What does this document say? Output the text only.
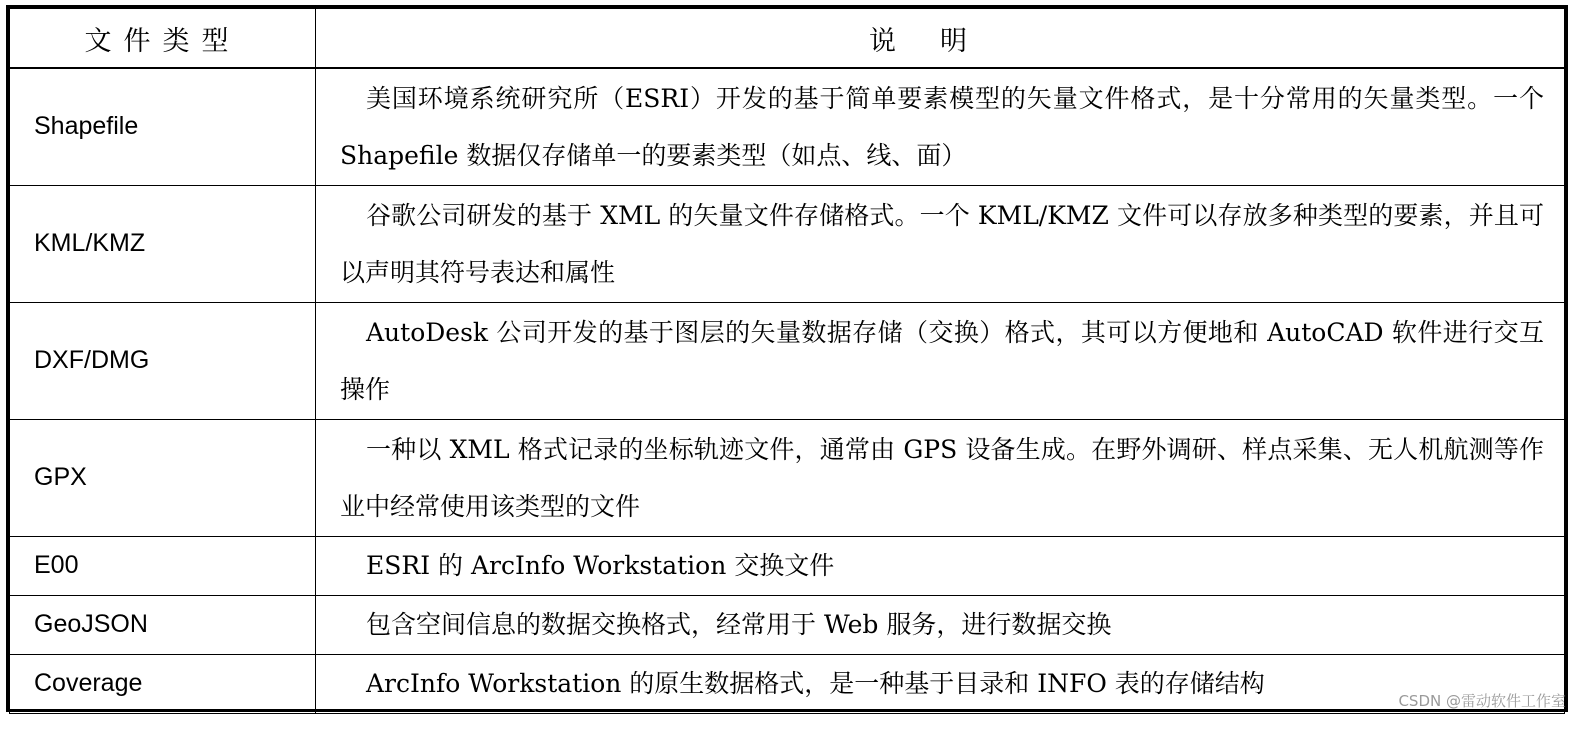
文件类型	说明
Shapefile	美国环境系统研究所（ESRI）开发的基于简单要素模型的矢量文件格式，是十分常用的矢量类型。一个 Shapefile 数据仅存储单一的要素类型（如点、线、面）

KML/KMZ	谷歌公司研发的基于 XML 的矢量文件存储格式。一个 KML/KMZ 文件可以存放多种类型的要素，并且可以声明其符号表达和属性

DXF/DMG	AutoDesk 公司开发的基于图层的矢量数据存储（交换）格式，其可以方便地和 AutoCAD 软件进行交互操作

GPX	一种以 XML 格式记录的坐标轨迹文件，通常由 GPS 设备生成。在野外调研、样点采集、无人机航测等作业中经常使用该类型的文件

E00	ESRI 的 ArcInfo Workstation 交换文件

GeoJSON	包含空间信息的数据交换格式，经常用于 Web 服务，进行数据交换

Coverage	ArcInfo Workstation 的原生数据格式，是一种基于目录和 INFO 表的存储结构
CSDN @雷动软件工作室
